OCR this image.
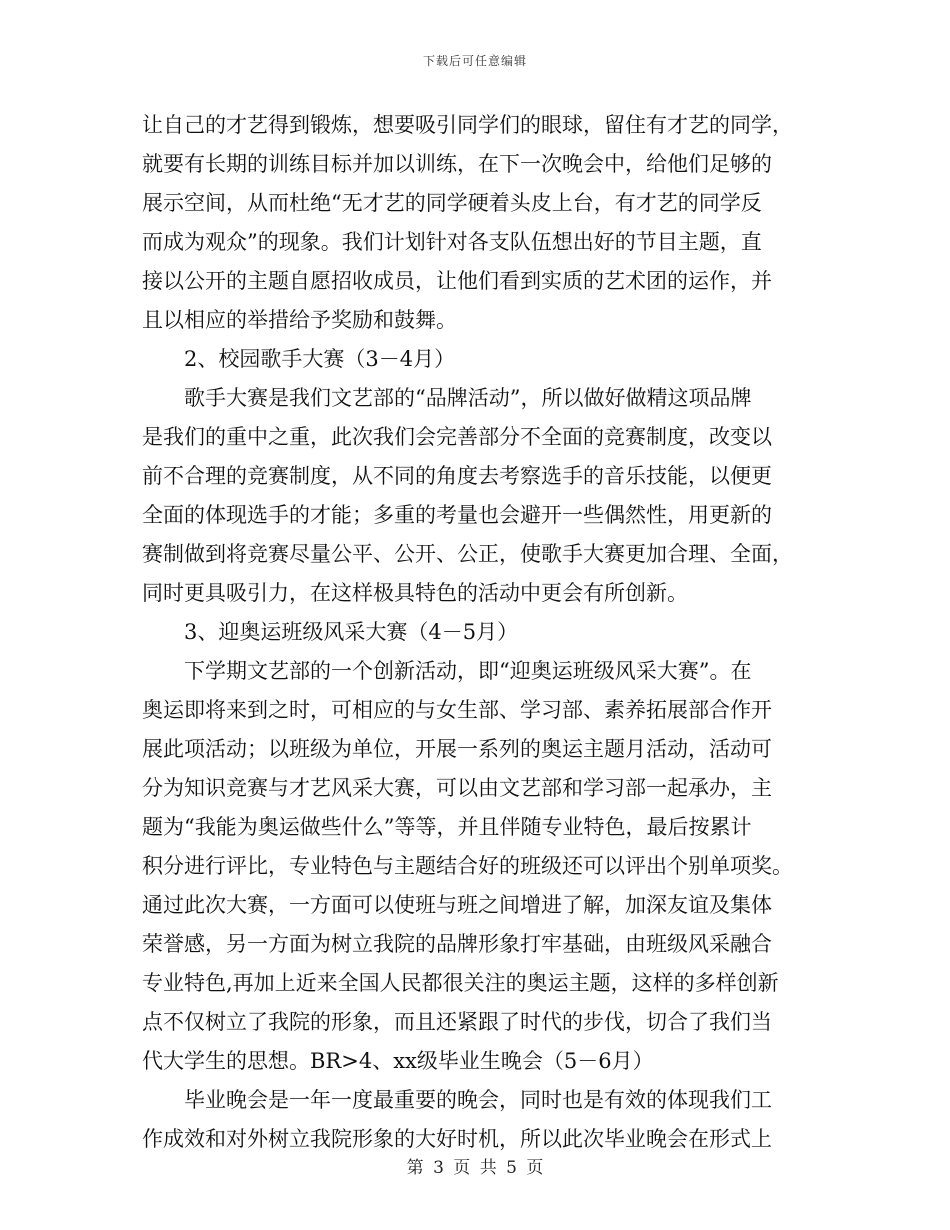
下载后可任意编辑
让自己的才艺得到锻炼，想要吸引同学们的眼球，留住有才艺的同学，
就要有长期的训练目标并加以训练，在下一次晚会中，给他们足够的
展示空间，从而杜绝“无才艺的同学硬着头皮上台，有才艺的同学反
而成为观众”的现象。我们计划针对各支队伍想出好的节目主题，直
接以公开的主题自愿招收成员，让他们看到实质的艺术团的运作，并
且以相应的举措给予奖励和鼓舞。
2、校园歌手大赛（3－4月）
歌手大赛是我们文艺部的“品牌活动”，所以做好做精这项品牌
是我们的重中之重，此次我们会完善部分不全面的竞赛制度，改变以
前不合理的竞赛制度，从不同的角度去考察选手的音乐技能，以便更
全面的体现选手的才能；多重的考量也会避开一些偶然性，用更新的
赛制做到将竞赛尽量公平、公开、公正，使歌手大赛更加合理、全面，
同时更具吸引力，在这样极具特色的活动中更会有所创新。
3、迎奥运班级风采大赛（4－5月）
下学期文艺部的一个创新活动，即“迎奥运班级风采大赛”。在
奥运即将来到之时，可相应的与女生部、学习部、素养拓展部合作开
展此项活动；以班级为单位，开展一系列的奥运主题月活动，活动可
分为知识竞赛与才艺风采大赛，可以由文艺部和学习部一起承办，主
题为“我能为奥运做些什么”等等，并且伴随专业特色，最后按累计
积分进行评比，专业特色与主题结合好的班级还可以评出个别单项奖。
通过此次大赛，一方面可以使班与班之间增进了解，加深友谊及集体
荣誉感，另一方面为树立我院的品牌形象打牢基础，由班级风采融合
专业特色,再加上近来全国人民都很关注的奥运主题，这样的多样创新
点不仅树立了我院的形象，而且还紧跟了时代的步伐，切合了我们当
代大学生的思想。BR>4、xx级毕业生晚会（5－6月）
毕业晚会是一年一度最重要的晚会，同时也是有效的体现我们工
作成效和对外树立我院形象的大好时机，所以此次毕业晚会在形式上
第 3 页 共 5 页
